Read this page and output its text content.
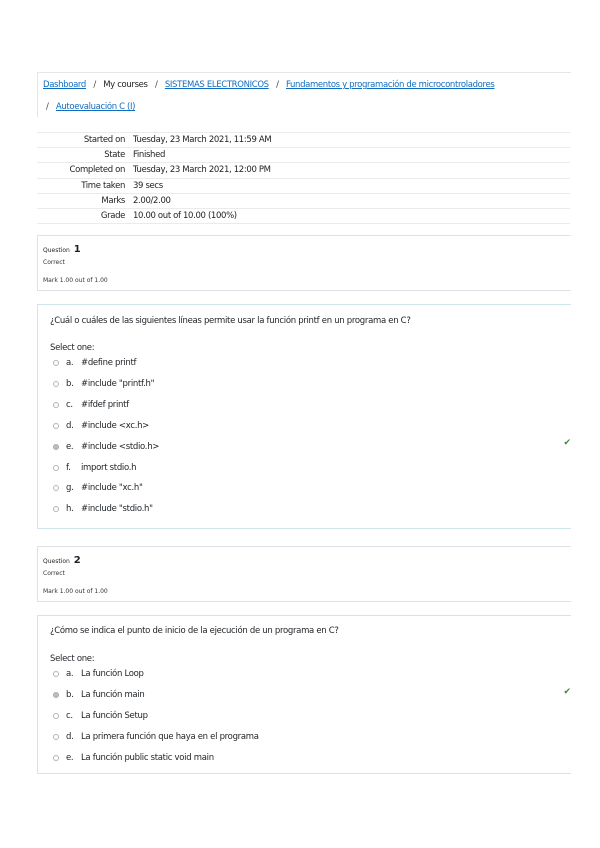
Dashboard / My courses / SISTEMAS ELECTRONICOS / Fundamentos y programación de microcontroladores
/ Autoevaluación C (I)
Started on	Tuesday, 23 March 2021, 11:59 AM
State	Finished
Completed on	Tuesday, 23 March 2021, 12:00 PM
Time taken	39 secs
Marks	2.00/2.00
Grade	10.00 out of 10.00 (100%)
Question 1
Correct
Mark 1.00 out of 1.00
¿Cuál o cuáles de las siguientes líneas permite usar la función printf en un programa en C?
Select one:
a. #define printf
b. #include "printf.h"
c. #ifdef printf
d. #include <xc.h>
e. #include <stdio.h>
f.	import stdio.h
g. #include "xc.h"
h. #include "stdio.h"
✔
Question 2
Correct
Mark 1.00 out of 1.00
¿Cómo se indica el punto de inicio de la ejecución de un programa en C?
Select one:
a. La función Loop
b. La función main
c. La función Setup
d. La primera función que haya en el programa
e. La función public static void main
✔
